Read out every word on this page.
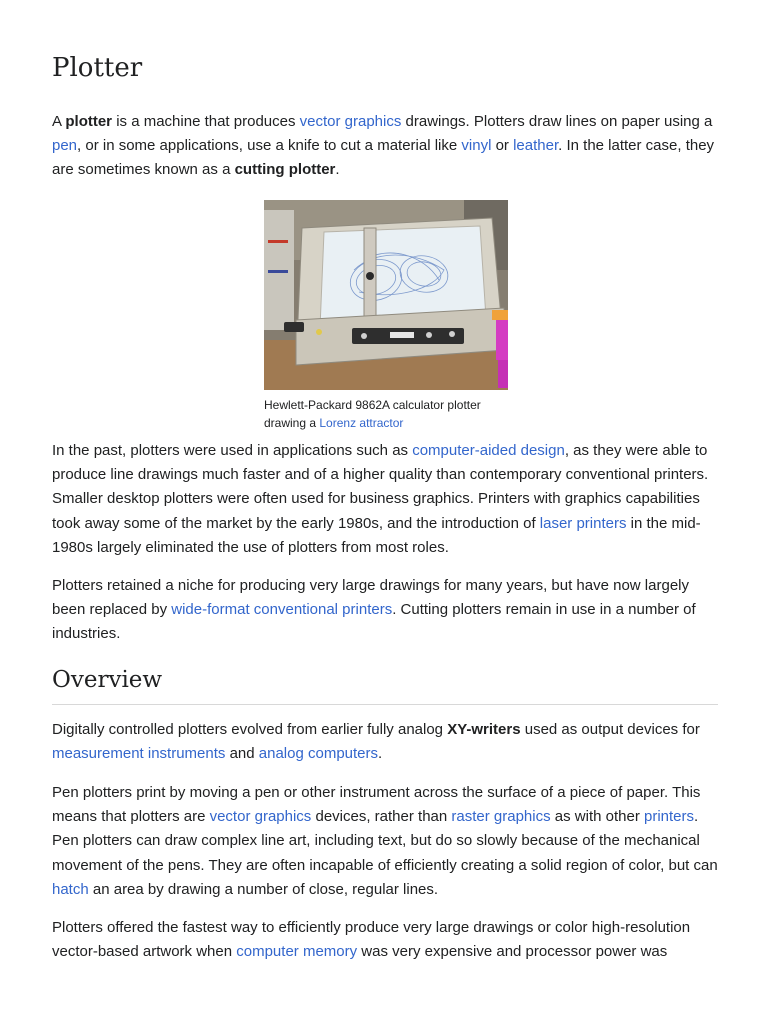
Plotter

A plotter is a machine that produces vector graphics drawings. Plotters draw lines on paper using a pen, or in some applications, use a knife to cut a material like vinyl or leather. In the latter case, they are sometimes known as a cutting plotter.

Hewlett-Packard 9862A calculator plotter drawing a Lorenz attractor

In the past, plotters were used in applications such as computer-aided design, as they were able to produce line drawings much faster and of a higher quality than contemporary conventional printers. Smaller desktop plotters were often used for business graphics. Printers with graphics capabilities took away some of the market by the early 1980s, and the introduction of laser printers in the mid-1980s largely eliminated the use of plotters from most roles.

Plotters retained a niche for producing very large drawings for many years, but have now largely been replaced by wide-format conventional printers. Cutting plotters remain in use in a number of industries.

Overview

Digitally controlled plotters evolved from earlier fully analog XY-writers used as output devices for measurement instruments and analog computers.

Pen plotters print by moving a pen or other instrument across the surface of a piece of paper. This means that plotters are vector graphics devices, rather than raster graphics as with other printers. Pen plotters can draw complex line art, including text, but do so slowly because of the mechanical movement of the pens. They are often incapable of efficiently creating a solid region of color, but can hatch an area by drawing a number of close, regular lines.

Plotters offered the fastest way to efficiently produce very large drawings or color high-resolution vector-based artwork when computer memory was very expensive and processor power was
